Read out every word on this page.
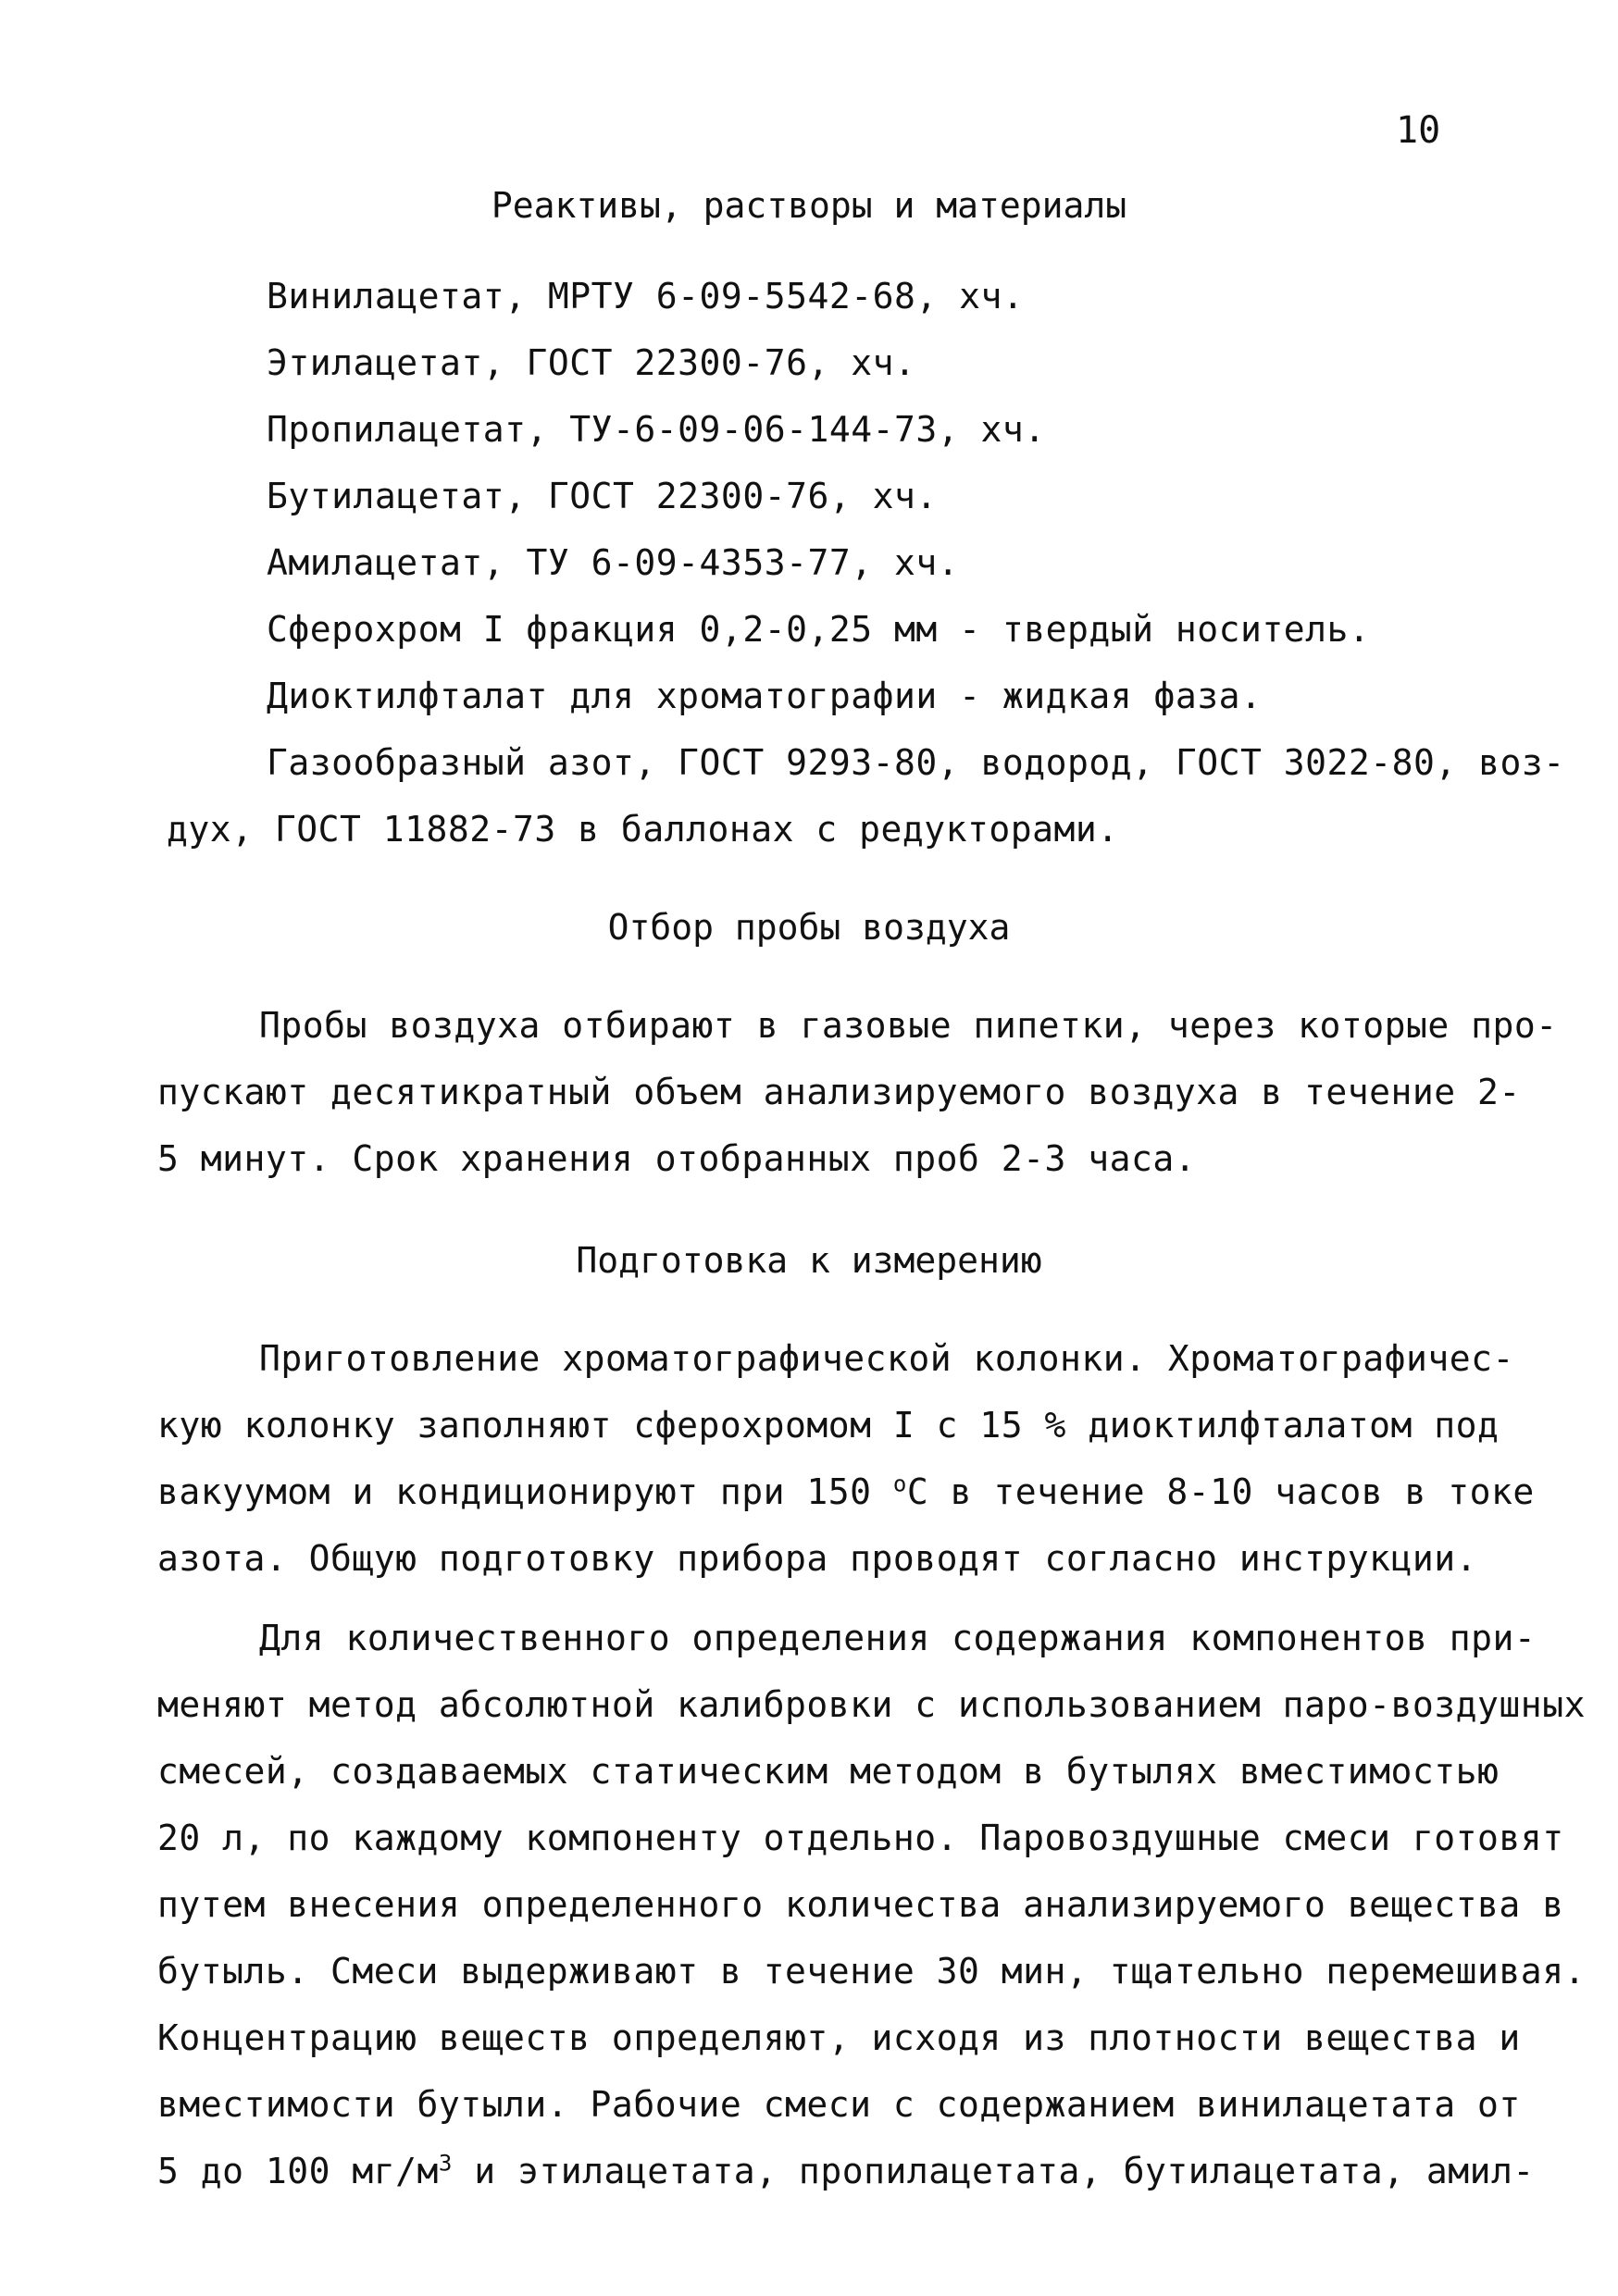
10
Реактивы, растворы и материалы
Винилацетат, МРТУ 6-09-5542-68, хч.
Этилацетат, ГОСТ 22300-76, хч.
Пропилацетат, ТУ-6-09-06-144-73, хч.
Бутилацетат, ГОСТ 22300-76, хч.
Амилацетат, ТУ 6-09-4353-77, хч.
Сферохром I фракция 0,2-0,25 мм - твердый носитель.
Диоктилфталат для хроматографии - жидкая фаза.
Газообразный азот, ГОСТ 9293-80, водород, ГОСТ 3022-80, воз-
дух, ГОСТ 11882-73 в баллонах с редукторами.
Отбор пробы воздуха
Пробы воздуха отбирают в газовые пипетки, через которые про-
пускают десятикратный объем анализируемого воздуха в течение 2-
5 минут. Срок хранения отобранных проб 2-3 часа.
Подготовка к измерению
Приготовление хроматографической колонки. Хроматографичес-
кую колонку заполняют сферохромом I с 15 % диоктилфталатом под
вакуумом и кондиционируют при 150 $^о$С в течение 8-10 часов в токе
азота. Общую подготовку прибора проводят согласно инструкции.
Для количественного определения содержания компонентов при-
меняют метод абсолютной калибровки с использованием паро-воздушных
смесей, создаваемых статическим методом в бутылях вместимостью
20 л, по каждому компоненту отдельно. Паровоздушные смеси готовят
путем внесения определенного количества анализируемого вещества в
бутыль. Смеси выдерживают в течение 30 мин, тщательно перемешивая.
Концентрацию веществ определяют, исходя из плотности вещества и
вместимости бутыли. Рабочие смеси с содержанием винилацетата от
5 до 100 $мг/м^3$ и этилацетата, пропилацетата, бутилацетата, амил-
